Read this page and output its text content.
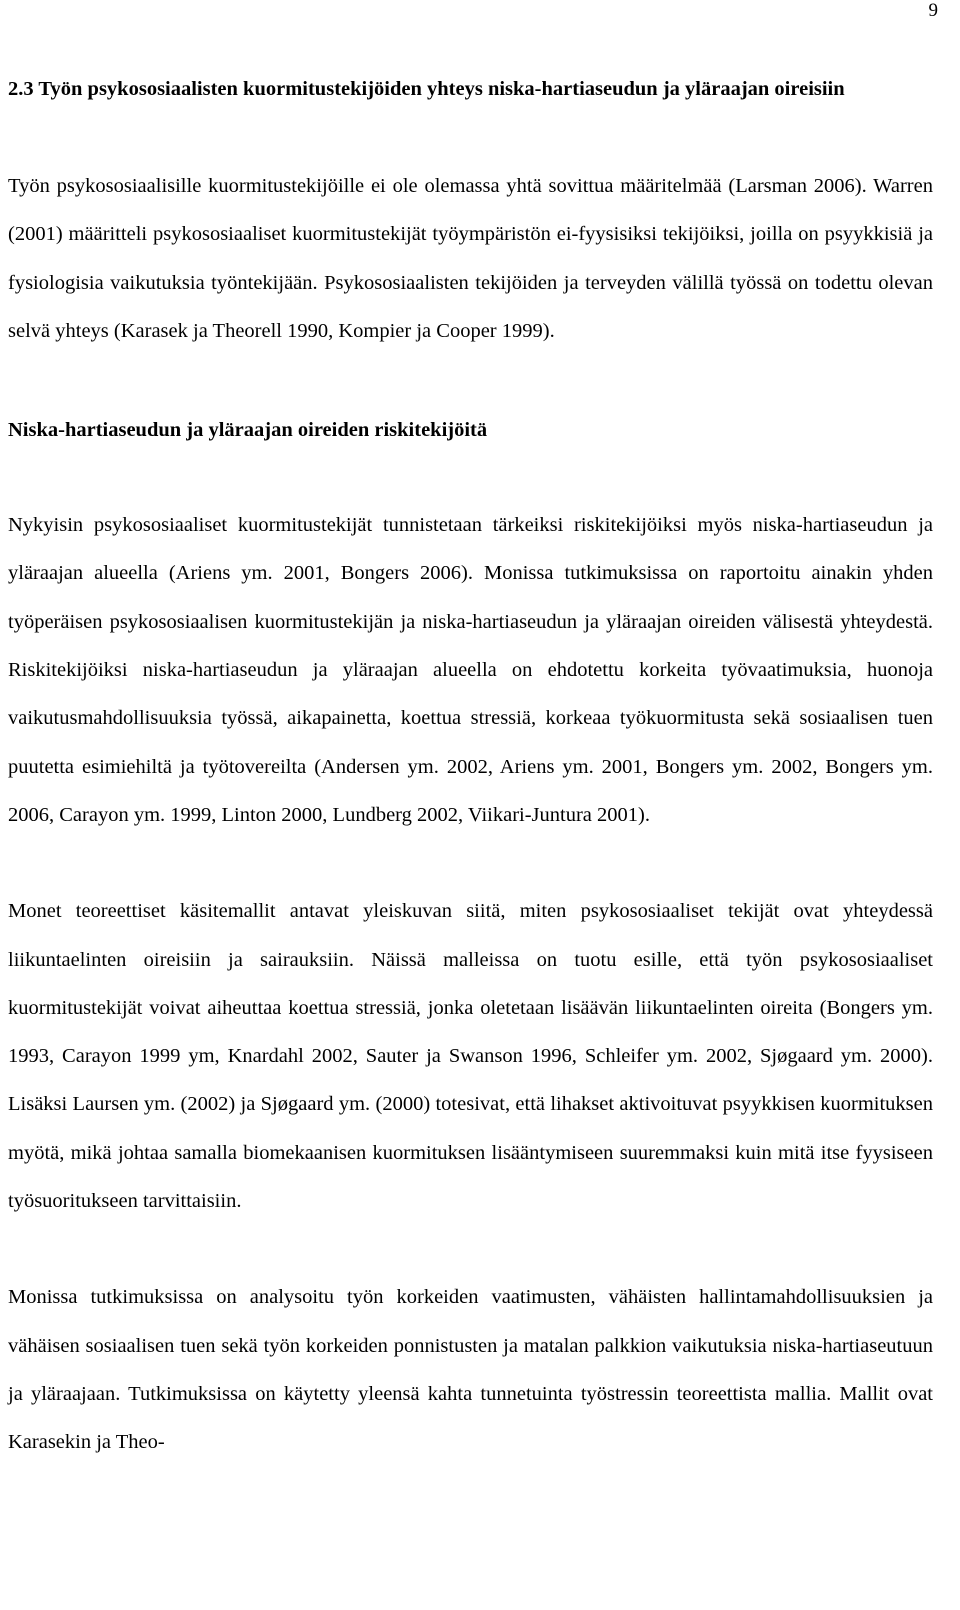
9
2.3 Työn psykososiaalisten kuormitustekijöiden yhteys niska-hartiaseudun ja yläraajan oireisiin

Työn psykososiaalisille kuormitustekijöille ei ole olemassa yhtä sovittua määritelmää (Larsman 2006). Warren (2001) määritteli psykososiaaliset kuormitustekijät työympäristön ei-fyysisiksi tekijöiksi, joilla on psyykkisiä ja fysiologisia vaikutuksia työntekijään. Psykososiaalisten tekijöiden ja terveyden välillä työssä on todettu olevan selvä yhteys (Karasek ja Theorell 1990, Kompier ja Cooper 1999).

Niska-hartiaseudun ja yläraajan oireiden riskitekijöitä

Nykyisin psykososiaaliset kuormitustekijät tunnistetaan tärkeiksi riskitekijöiksi myös niska-hartiaseudun ja yläraajan alueella (Ariens ym. 2001, Bongers 2006). Monissa tutkimuksissa on raportoitu ainakin yhden työperäisen psykososiaalisen kuormitustekijän ja niska-hartiaseudun ja yläraajan oireiden välisestä yhteydestä. Riskitekijöiksi niska-hartiaseudun ja yläraajan alueella on ehdotettu korkeita työvaatimuksia, huonoja vaikutusmahdollisuuksia työssä, aikapainetta, koettua stressiä, korkeaa työkuormitusta sekä sosiaalisen tuen puutetta esimiehiltä ja työtovereilta (Andersen ym. 2002, Ariens ym. 2001, Bongers ym. 2002, Bongers ym. 2006, Carayon ym. 1999, Linton 2000, Lundberg 2002, Viikari-Juntura 2001).

Monet teoreettiset käsitemallit antavat yleiskuvan siitä, miten psykososiaaliset tekijät ovat yhteydessä liikuntaelinten oireisiin ja sairauksiin. Näissä malleissa on tuotu esille, että työn psykososiaaliset kuormitustekijät voivat aiheuttaa koettua stressiä, jonka oletetaan lisäävän liikuntaelinten oireita (Bongers ym. 1993, Carayon 1999 ym, Knardahl 2002, Sauter ja Swanson 1996, Schleifer ym. 2002, Sjøgaard ym. 2000). Lisäksi Laursen ym. (2002) ja Sjøgaard ym. (2000) totesivat, että lihakset aktivoituvat psyykkisen kuormituksen myötä, mikä johtaa samalla biomekaanisen kuormituksen lisääntymiseen suuremmaksi kuin mitä itse fyysiseen työsuoritukseen tarvittaisiin.

Monissa tutkimuksissa on analysoitu työn korkeiden vaatimusten, vähäisten hallintamahdollisuuksien ja vähäisen sosiaalisen tuen sekä työn korkeiden ponnistusten ja matalan palkkion vaikutuksia niska-hartiaseutuun ja yläraajaan. Tutkimuksissa on käytetty yleensä kahta tunnetuinta työstressin teoreettista mallia. Mallit ovat Karasekin ja Theo-
